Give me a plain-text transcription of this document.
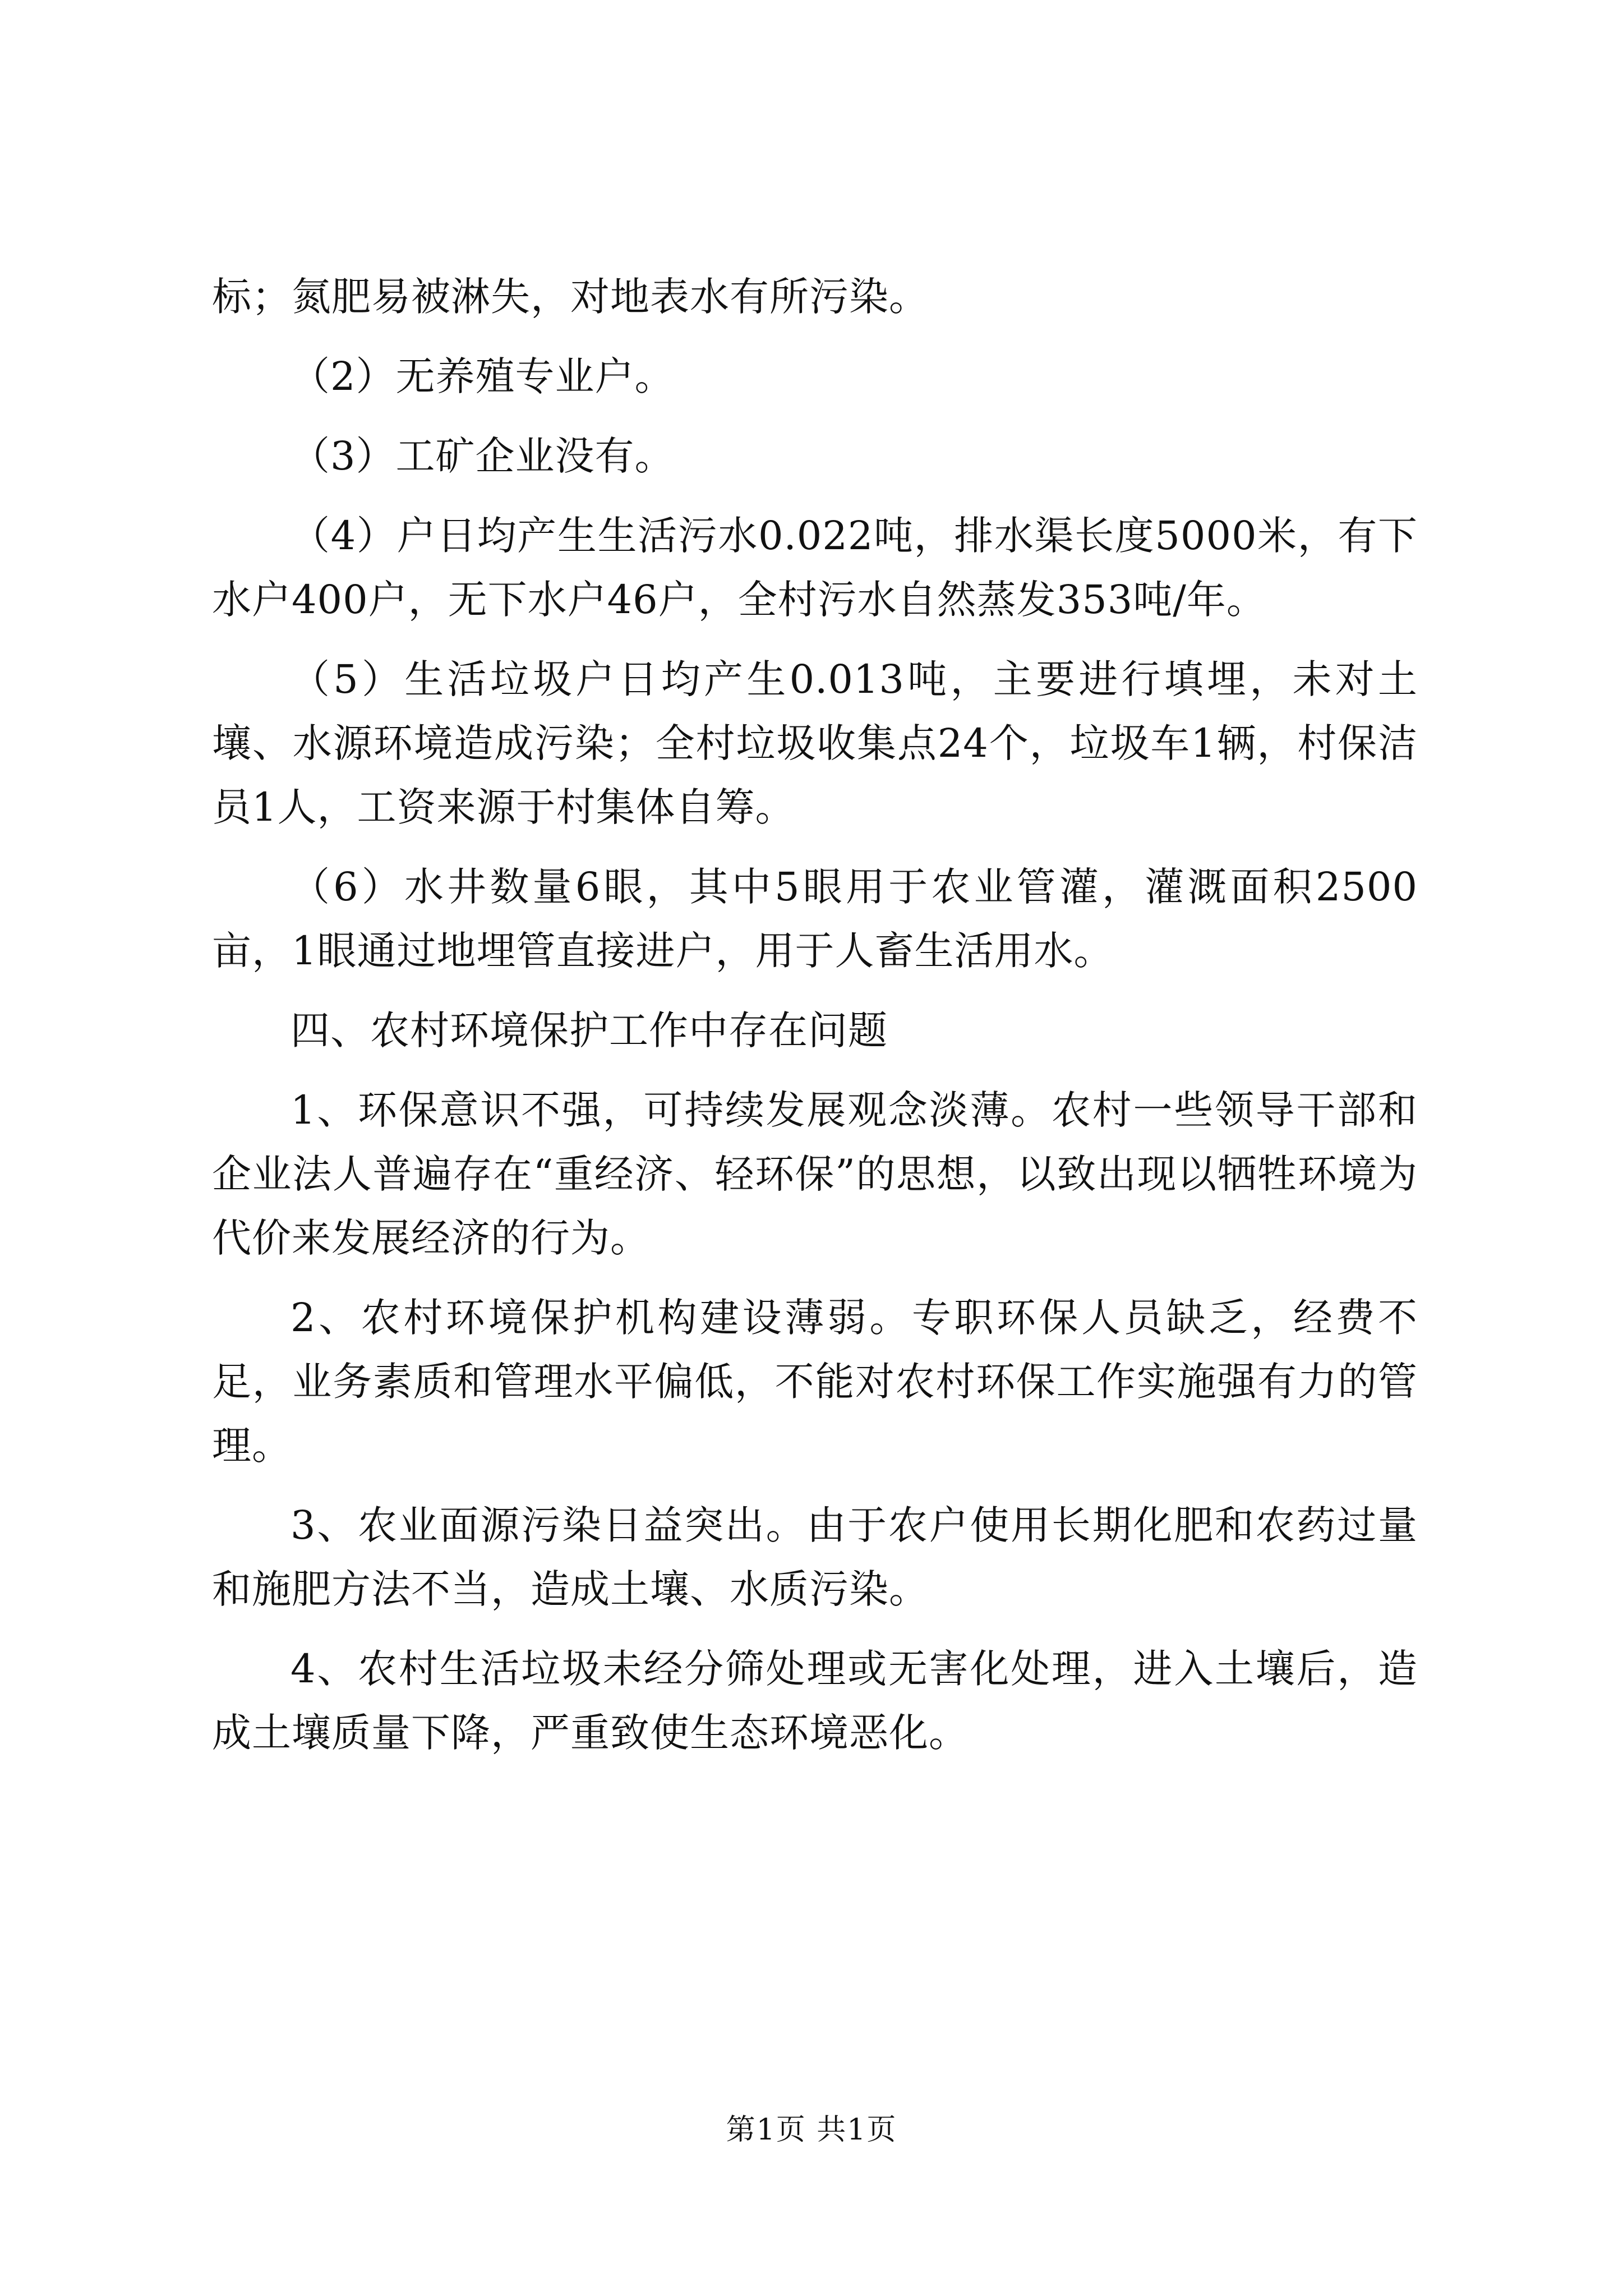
标；氮肥易被淋失，对地表水有所污染。

（2）无养殖专业户。

（3）工矿企业没有。

（4）户日均产生生活污水0.022吨，排水渠长度5000米，有下水户400户，无下水户46户，全村污水自然蒸发353吨/年。

（5）生活垃圾户日均产生0.013吨，主要进行填埋，未对土壤、水源环境造成污染；全村垃圾收集点24个，垃圾车1辆，村保洁员1人，工资来源于村集体自筹。

（6）水井数量6眼，其中5眼用于农业管灌，灌溉面积2500亩，1眼通过地埋管直接进户，用于人畜生活用水。

四、农村环境保护工作中存在问题

1、环保意识不强，可持续发展观念淡薄。农村一些领导干部和企业法人普遍存在“重经济、轻环保”的思想，以致出现以牺牲环境为代价来发展经济的行为。

2、农村环境保护机构建设薄弱。专职环保人员缺乏，经费不足，业务素质和管理水平偏低，不能对农村环保工作实施强有力的管理。

3、农业面源污染日益突出。由于农户使用长期化肥和农药过量和施肥方法不当，造成土壤、水质污染。

4、农村生活垃圾未经分筛处理或无害化处理，进入土壤后，造成土壤质量下降，严重致使生态环境恶化。

第1页 共1页
